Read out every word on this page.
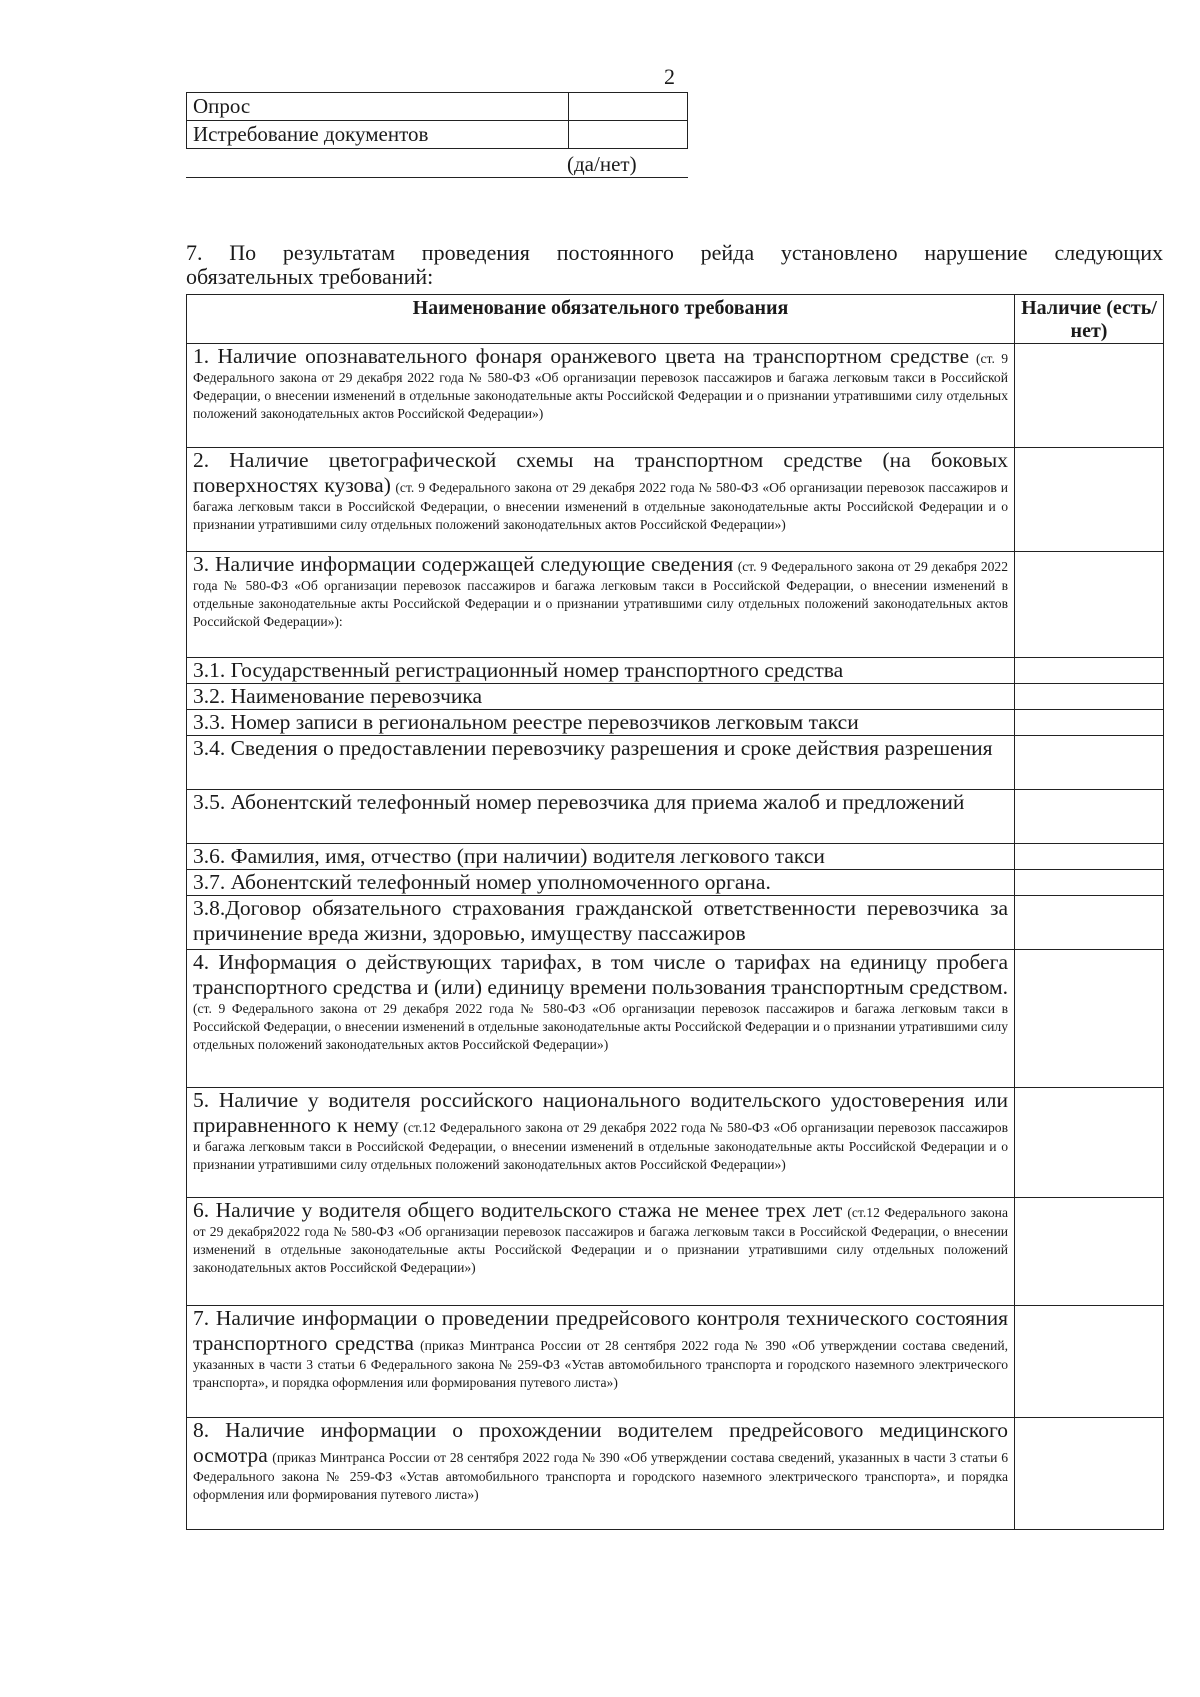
2
Опрос	
Истребование документов	
(да/нет)
7. По результатам проведения постоянного рейда установлено нарушение следующих
обязательных требований:
Наименование обязательного требования	Наличие (есть/нет)
1. Наличие опознавательного фонаря оранжевого цвета на транспортном средстве (ст. 9 Федерального закона от 29 декабря 2022 года № 580-ФЗ «Об организации перевозок пассажиров и багажа легковым такси в Российской Федерации, о внесении изменений в отдельные законодательные акты Российской Федерации и о признании утратившими силу отдельных положений законодательных актов Российской Федерации»)	
2. Наличие цветографической схемы на транспортном средстве (на боковых поверхностях кузова) (ст. 9 Федерального закона от 29 декабря 2022 года № 580-ФЗ «Об организации перевозок пассажиров и багажа легковым такси в Российской Федерации, о внесении изменений в отдельные законодательные акты Российской Федерации и о признании утратившими силу отдельных положений законодательных актов Российской Федерации»)	
3. Наличие информации содержащей следующие сведения (ст. 9 Федерального закона от 29 декабря 2022 года № 580-ФЗ «Об организации перевозок пассажиров и багажа легковым такси в Российской Федерации, о внесении изменений в отдельные законодательные акты Российской Федерации и о признании утратившими силу отдельных положений законодательных актов Российской Федерации»):	
3.1. Государственный регистрационный номер транспортного средства	
3.2. Наименование перевозчика	
3.3. Номер записи в региональном реестре перевозчиков легковым такси	
3.4. Сведения о предоставлении перевозчику разрешения и сроке действия разрешения	
3.5. Абонентский телефонный номер перевозчика для приема жалоб и предложений	
3.6. Фамилия, имя, отчество (при наличии) водителя легкового такси	
3.7. Абонентский телефонный номер уполномоченного органа.	
3.8.Договор обязательного страхования гражданской ответственности перевозчика за причинение вреда жизни, здоровью, имуществу пассажиров	
4. Информация о действующих тарифах, в том числе о тарифах на единицу пробега транспортного средства и (или) единицу времени пользования транспортным средством. (ст. 9 Федерального закона от 29 декабря 2022 года № 580-ФЗ «Об организации перевозок пассажиров и багажа легковым такси в Российской Федерации, о внесении изменений в отдельные законодательные акты Российской Федерации и о признании утратившими силу отдельных положений законодательных актов Российской Федерации»)	
5. Наличие у водителя российского национального водительского удостоверения или приравненного к нему (ст.12 Федерального закона от 29 декабря 2022 года № 580-ФЗ «Об организации перевозок пассажиров и багажа легковым такси в Российской Федерации, о внесении изменений в отдельные законодательные акты Российской Федерации и о признании утратившими силу отдельных положений законодательных актов Российской Федерации»)	
6. Наличие у водителя общего водительского стажа не менее трех лет (ст.12 Федерального закона от 29 декабря2022 года № 580-ФЗ «Об организации перевозок пассажиров и багажа легковым такси в Российской Федерации, о внесении изменений в отдельные законодательные акты Российской Федерации и о признании утратившими силу отдельных положений законодательных актов Российской Федерации»)	
7. Наличие информации о проведении предрейсового контроля технического состояния транспортного средства (приказ Минтранса России от 28 сентября 2022 года № 390 «Об утверждении состава сведений, указанных в части 3 статьи 6 Федерального закона № 259-ФЗ «Устав автомобильного транспорта и городского наземного электрического транспорта», и порядка оформления или формирования путевого листа»)	
8. Наличие информации о прохождении водителем предрейсового медицинского осмотра (приказ Минтранса России от 28 сентября 2022 года № 390 «Об утверждении состава сведений, указанных в части 3 статьи 6 Федерального закона № 259-ФЗ «Устав автомобильного транспорта и городского наземного электрического транспорта», и порядка оформления или формирования путевого листа»)	
